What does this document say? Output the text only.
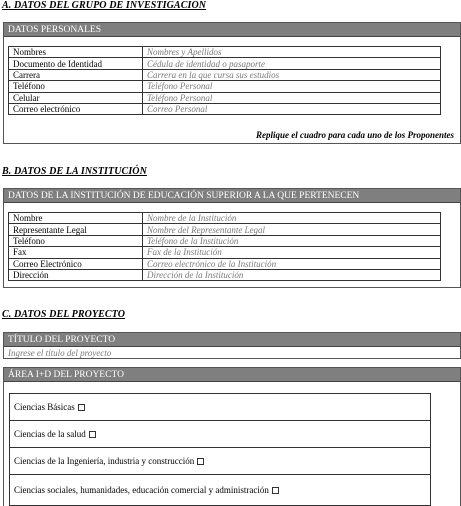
A. DATOS DEL GRUPO DE INVESTIGACIÓN
DATOS PERSONALES
Nombres	Nombres y Apellidos
Documento de Identidad	Cédula de identidad o pasaporte
Carrera	Carrera en la que cursa sus estudios
Teléfono	Teléfono Personal
Celular	Teléfono Personal
Correo electrónico	Correo Personal
Replique el cuadro para cada uno de los Proponentes
B. DATOS DE LA INSTITUCIÓN
DATOS DE LA INSTITUCIÓN DE EDUCACIÓN SUPERIOR A LA QUE PERTENECEN
Nombre	Nombre de la Institución
Representante Legal	Nombre del Representante Legal
Teléfono	Teléfono de la Institución
Fax	Fax de la Institución
Correo Electrónico	Correo electrónico de la Institución
Dirección	Dirección de la Institución
C. DATOS DEL PROYECTO
TÍTULO DEL PROYECTO
Ingrese el título del proyecto
ÁREA I+D DEL PROYECTO
Ciencias Básicas
Ciencias de la salud
Ciencias de la Ingeniería, industria y construcción
Ciencias sociales, humanidades, educación comercial y administración
